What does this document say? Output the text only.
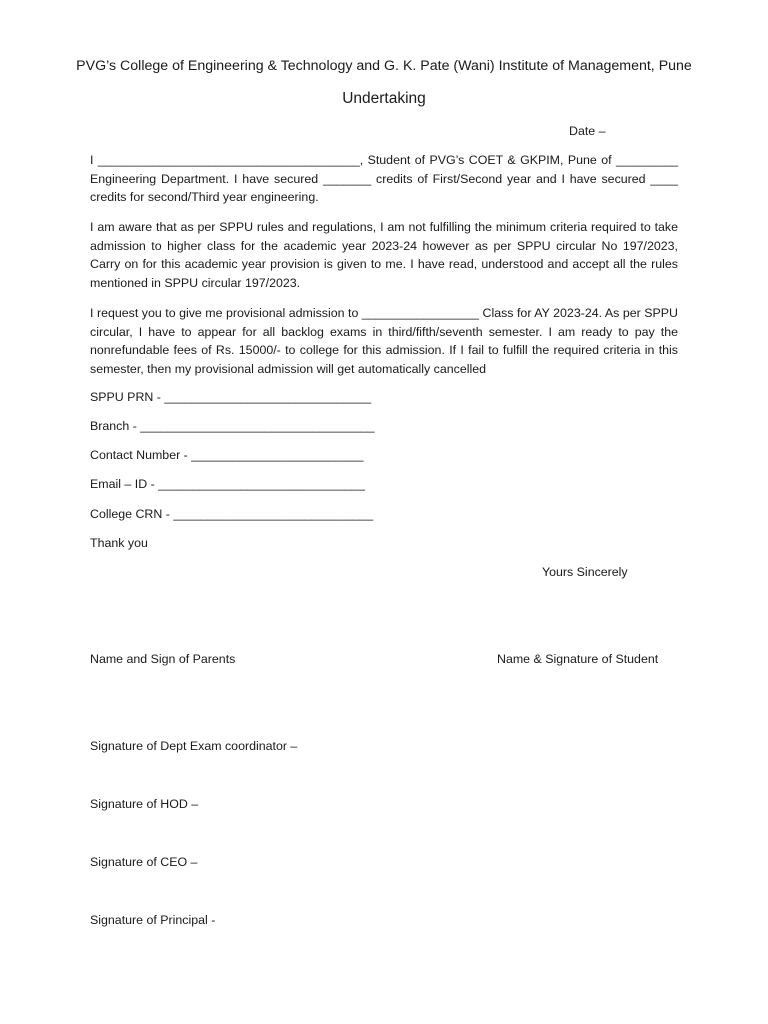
PVG’s College of Engineering & Technology and G. K. Pate (Wani) Institute of Management, Pune
Undertaking
Date –
I ______________________________________, Student of PVG’s COET & GKPIM, Pune of _________ Engineering Department. I have secured _______ credits of First/Second year and I have secured ____ credits for second/Third year engineering.
I am aware that as per SPPU rules and regulations, I am not fulfilling the minimum criteria required to take admission to higher class for the academic year 2023-24 however as per SPPU circular No 197/2023, Carry on for this academic year provision is given to me. I have read, understood and accept all the rules mentioned in SPPU circular 197/2023.
I request you to give me provisional admission to _________________ Class for AY 2023-24. As per SPPU circular, I have to appear for all backlog exams in third/fifth/seventh semester. I am ready to pay the nonrefundable fees of Rs. 15000/- to college for this admission. If I fail to fulfill the required criteria in this semester, then my provisional admission will get automatically cancelled
SPPU PRN - ______________________________
Branch - __________________________________
Contact Number - _________________________
Email – ID - ______________________________
College CRN - _____________________________
Thank you
Yours Sincerely
Name and Sign of Parents	Name & Signature of Student
Signature of Dept Exam coordinator –
Signature of HOD –
Signature of CEO –
Signature of Principal -
